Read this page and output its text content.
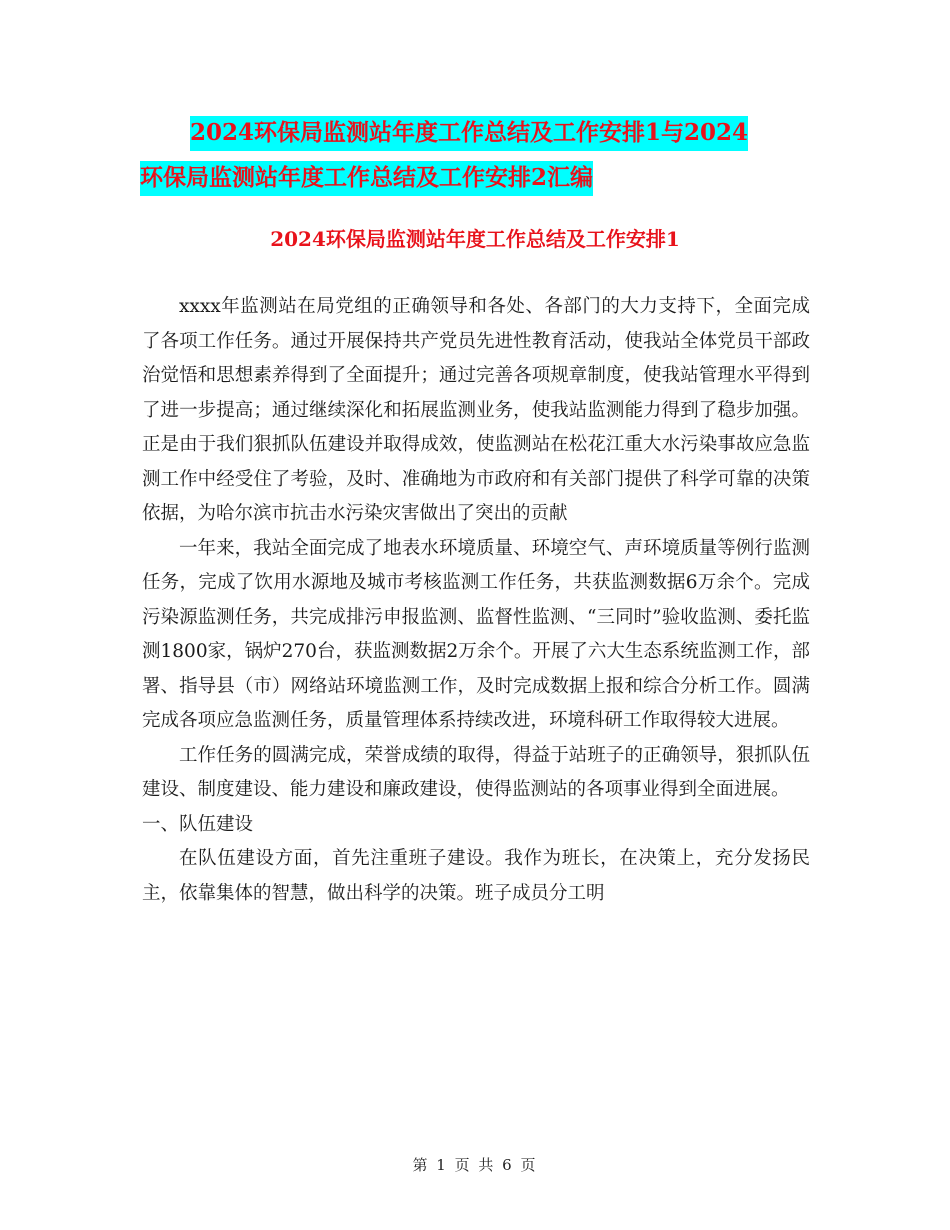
2024环保局监测站年度工作总结及工作安排1与2024
环保局监测站年度工作总结及工作安排2汇编
2024环保局监测站年度工作总结及工作安排1

xxxx年监测站在局党组的正确领导和各处、各部门的大力支持下，全面完成了各项工作任务。通过开展保持共产党员先进性教育活动，使我站全体党员干部政治觉悟和思想素养得到了全面提升；通过完善各项规章制度，使我站管理水平得到了进一步提高；通过继续深化和拓展监测业务，使我站监测能力得到了稳步加强。正是由于我们狠抓队伍建设并取得成效，使监测站在松花江重大水污染事故应急监测工作中经受住了考验，及时、准确地为市政府和有关部门提供了科学可靠的决策依据，为哈尔滨市抗击水污染灾害做出了突出的贡献

一年来，我站全面完成了地表水环境质量、环境空气、声环境质量等例行监测任务，完成了饮用水源地及城市考核监测工作任务，共获监测数据6万余个。完成污染源监测任务，共完成排污申报监测、监督性监测、“三同时”验收监测、委托监测1800家，锅炉270台，获监测数据2万余个。开展了六大生态系统监测工作，部署、指导县（市）网络站环境监测工作，及时完成数据上报和综合分析工作。圆满完成各项应急监测任务，质量管理体系持续改进，环境科研工作取得较大进展。

工作任务的圆满完成，荣誉成绩的取得，得益于站班子的正确领导，狠抓队伍建设、制度建设、能力建设和廉政建设，使得监测站的各项事业得到全面进展。

一、队伍建设

在队伍建设方面，首先注重班子建设。我作为班长，在决策上，充分发扬民主，依靠集体的智慧，做出科学的决策。班子成员分工明

第 1 页 共 6 页
